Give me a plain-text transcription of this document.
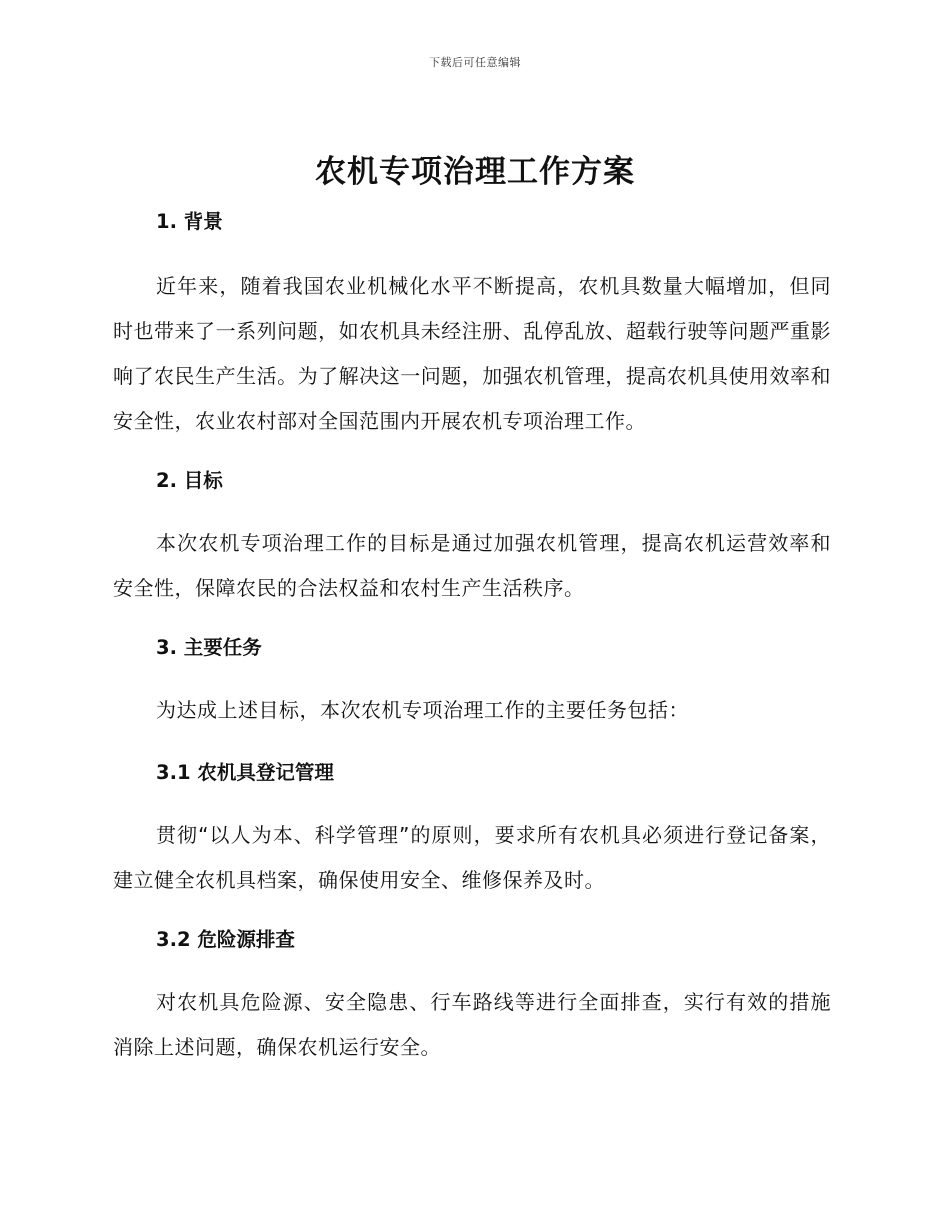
下载后可任意编辑
农机专项治理工作方案
1. 背景

近年来，随着我国农业机械化水平不断提高，农机具数量大幅增加，但同时也带来了一系列问题，如农机具未经注册、乱停乱放、超载行驶等问题严重影响了农民生产生活。为了解决这一问题，加强农机管理，提高农机具使用效率和安全性，农业农村部对全国范围内开展农机专项治理工作。

2. 目标

本次农机专项治理工作的目标是通过加强农机管理，提高农机运营效率和安全性，保障农民的合法权益和农村生产生活秩序。

3. 主要任务

为达成上述目标，本次农机专项治理工作的主要任务包括：

3.1 农机具登记管理

贯彻“以人为本、科学管理”的原则，要求所有农机具必须进行登记备案，建立健全农机具档案，确保使用安全、维修保养及时。

3.2 危险源排查

对农机具危险源、安全隐患、行车路线等进行全面排查，实行有效的措施消除上述问题，确保农机运行安全。
